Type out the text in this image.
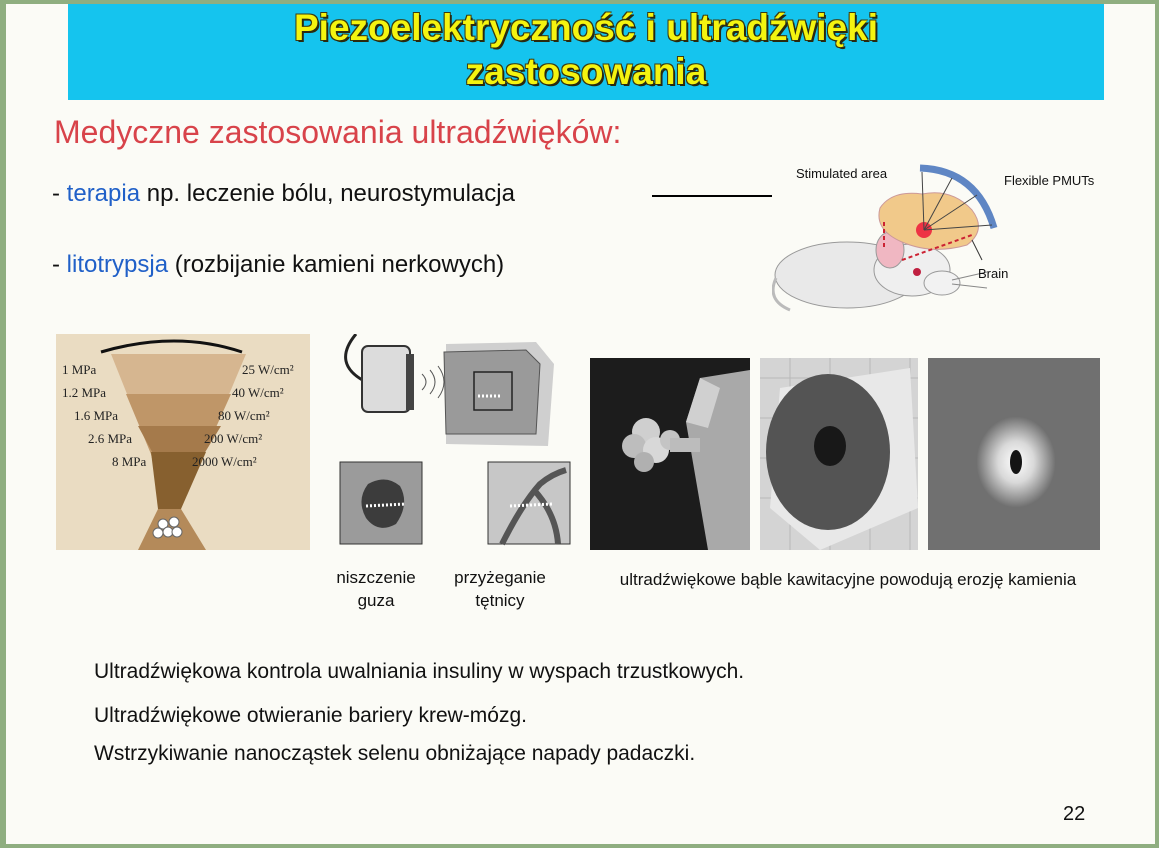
Piezoelektryczność i ultradźwięki
zastosowania
Medyczne zastosowania ultradźwięków:
- terapia np. leczenie bólu, neurostymulacja
- litotrypsja (rozbijanie kamieni nerkowych)
Stimulated area	Flexible PMUTs
Brain
1 MPa
1.2 MPa
1.6 MPa
2.6 MPa
8 MPa
25 W/cm²
40 W/cm²
80 W/cm²
200 W/cm²
2000 W/cm²
niszczenie
guza
przyżeganie
tętnicy
ultradźwiękowe bąble kawitacyjne powodują erozję kamienia
Ultradźwiękowa kontrola uwalniania insuliny w wyspach trzustkowych.
Ultradźwiękowe otwieranie bariery krew-mózg.
Wstrzykiwanie nanocząstek selenu obniżające napady padaczki.
22
